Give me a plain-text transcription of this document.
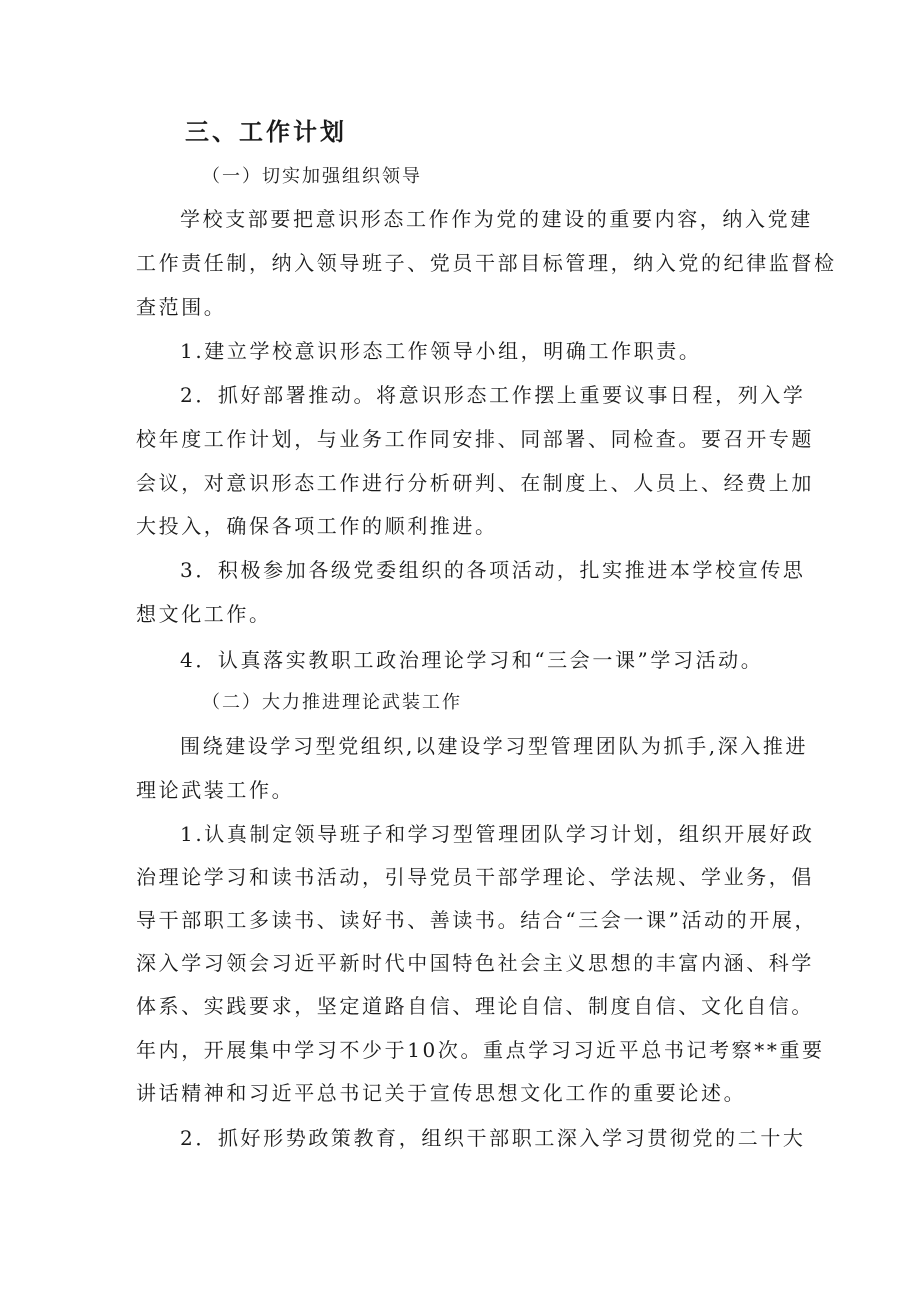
三、工作计划
（一）切实加强组织领导
学校支部要把意识形态工作作为党的建设的重要内容，纳入党建
工作责任制，纳入领导班子、党员干部目标管理，纳入党的纪律监督检
查范围。
1.建立学校意识形态工作领导小组，明确工作职责。
2．抓好部署推动。将意识形态工作摆上重要议事日程，列入学
校年度工作计划，与业务工作同安排、同部署、同检查。要召开专题
会议，对意识形态工作进行分析研判、在制度上、人员上、经费上加
大投入，确保各项工作的顺利推进。
3．积极参加各级党委组织的各项活动，扎实推进本学校宣传思
想文化工作。
4．认真落实教职工政治理论学习和“三会一课”学习活动。
（二）大力推进理论武装工作
围绕建设学习型党组织,以建设学习型管理团队为抓手,深入推进
理论武装工作。
1.认真制定领导班子和学习型管理团队学习计划，组织开展好政
治理论学习和读书活动，引导党员干部学理论、学法规、学业务，倡
导干部职工多读书、读好书、善读书。结合“三会一课”活动的开展，
深入学习领会习近平新时代中国特色社会主义思想的丰富内涵、科学
体系、实践要求，坚定道路自信、理论自信、制度自信、文化自信。
年内，开展集中学习不少于10次。重点学习习近平总书记考察**重要
讲话精神和习近平总书记关于宣传思想文化工作的重要论述。
2．抓好形势政策教育，组织干部职工深入学习贯彻党的二十大
